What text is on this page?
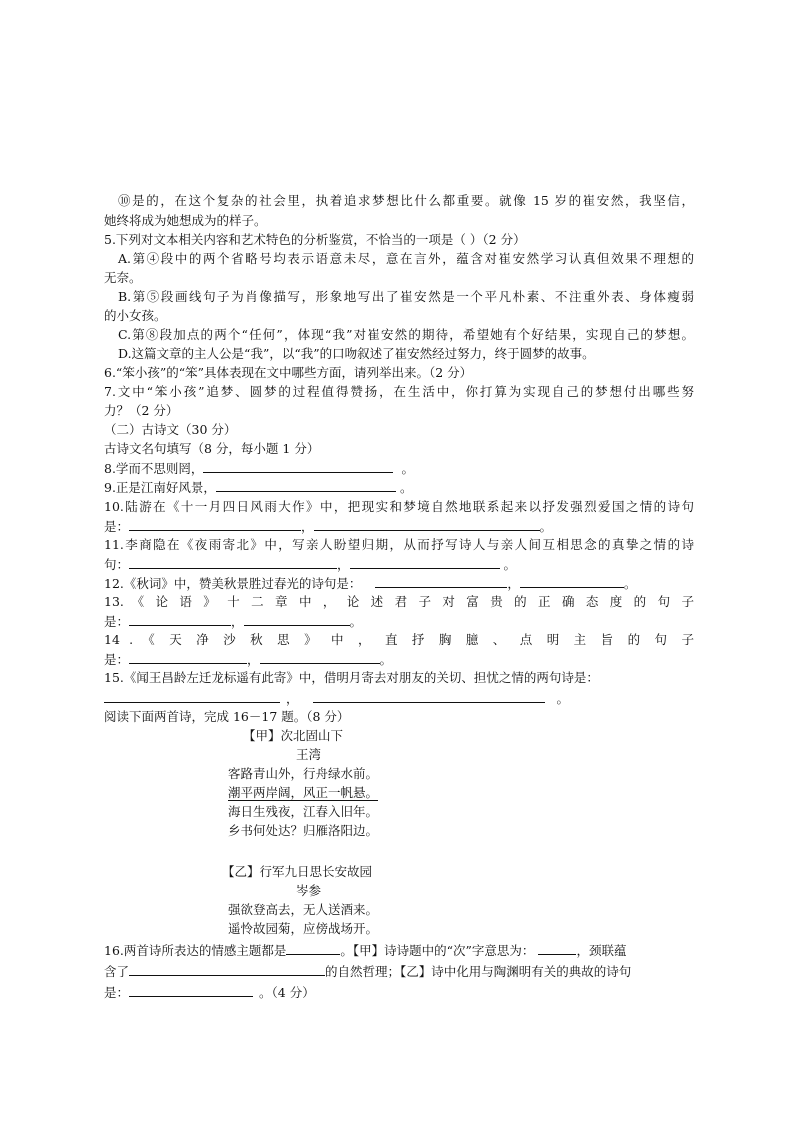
⑩是的，在这个复杂的社会里，执着追求梦想比什么都重要。就像 15 岁的崔安然，我坚信，
她终将成为她想成为的样子。
5.下列对文本相关内容和艺术特色的分析鉴赏，不恰当的一项是（ ）（2 分）
A.第④段中的两个省略号均表示语意未尽，意在言外，蕴含对崔安然学习认真但效果不理想的
无奈。
B.第⑤段画线句子为肖像描写，形象地写出了崔安然是一个平凡朴素、不注重外表、身体瘦弱
的小女孩。
C.第⑧段加点的两个“任何”，体现“我”对崔安然的期待，希望她有个好结果，实现自己的梦想。
D.这篇文章的主人公是“我”，以“我”的口吻叙述了崔安然经过努力，终于圆梦的故事。
6.“笨小孩”的“笨”具体表现在文中哪些方面，请列举出来。（2 分）
7.文中“笨小孩”追梦、圆梦的过程值得赞扬，在生活中，你打算为实现自己的梦想付出哪些努
力？（2 分）
（二）古诗文（30 分）
古诗文名句填写（8 分，每小题 1 分）
8.学而不思则罔，	。
9.正是江南好风景，	。
10.陆游在《十一月四日风雨大作》中，把现实和梦境自然地联系起来以抒发强烈爱国之情的诗句
是：	，	。
11.李商隐在《夜雨寄北》中，写亲人盼望归期，从而抒写诗人与亲人间互相思念的真挚之情的诗
句：	，	。
12.《秋词》中，赞美秋景胜过春光的诗句是：	，	。
13. 《 论 语 》 十 二 章 中 ， 论 述 君 子 对 富 贵 的 正 确 态 度 的 句 子
是：	，	。
14 . 《 天 净 沙 秋 思 》 中 ， 直 抒 胸 臆 、 点 明 主 旨 的 句 子
是：	，	。
15.《闻王昌龄左迁龙标遥有此寄》中，借明月寄去对朋友的关切、担忧之情的两句诗是：
，	。
阅读下面两首诗，完成 16－17 题。（8 分）
【甲】次北固山下
王湾
客路青山外，行舟绿水前。
潮平两岸阔，风正一帆悬。
海日生残夜，江春入旧年。
乡书何处达？归雁洛阳边。
【乙】行军九日思长安故园
岑参
强欲登高去，无人送酒来。
遥怜故园菊，应傍战场开。
16.两首诗所表达的情感主题都是	。【甲】诗诗题中的“次”字意思为：	，颈联蕴
含了	的自然哲理；【乙】诗中化用与陶渊明有关的典故的诗句
是：	。（4 分）
